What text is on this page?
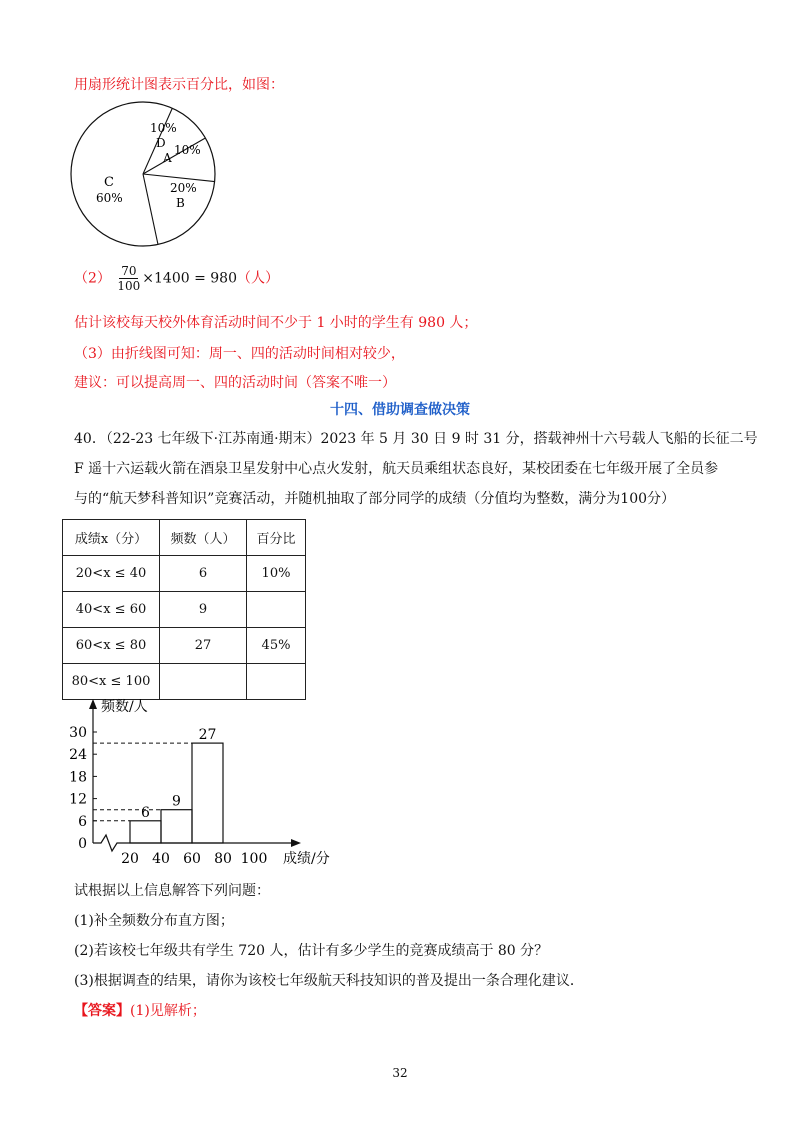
用扇形统计图表示百分比，如图：
10%
D
A
10%
C
60%
20%
B
$(2) \frac{70}{100} \times 1400 = 980$（人）
估计该校每天校外体育活动时间不少于 1 小时的学生有 980 人；
（3）由折线图可知：周一、四的活动时间相对较少，
建议：可以提高周一、四的活动时间（答案不唯一）
十四、借助调查做决策
40．（22-23 七年级下·江苏南通·期末）2023 年 5 月 30 日 9 时 31 分，搭载神州十六号载人飞船的长征二号
F 遥十六运载火箭在酒泉卫星发射中心点火发射，航天员乘组状态良好，某校团委在七年级开展了全员参
与的“航天梦科普知识”竞赛活动，并随机抽取了部分同学的成绩（分值均为整数，满分为100分）
成绩x（分）	频数（人）	百分比
20<x ≤ 40	6	10%
40<x ≤ 60	9	
60<x ≤ 80	27	45%
80<x ≤ 100		
6
9
27
0
6
12
18
24
30
20 40 60 80 100
频数/人
成绩/分
试根据以上信息解答下列问题：
(1)补全频数分布直方图；
(2)若该校七年级共有学生 720 人，估计有多少学生的竞赛成绩高于 80 分？
(3)根据调查的结果，请你为该校七年级航天科技知识的普及提出一条合理化建议．
【答案】(1)见解析；
32
